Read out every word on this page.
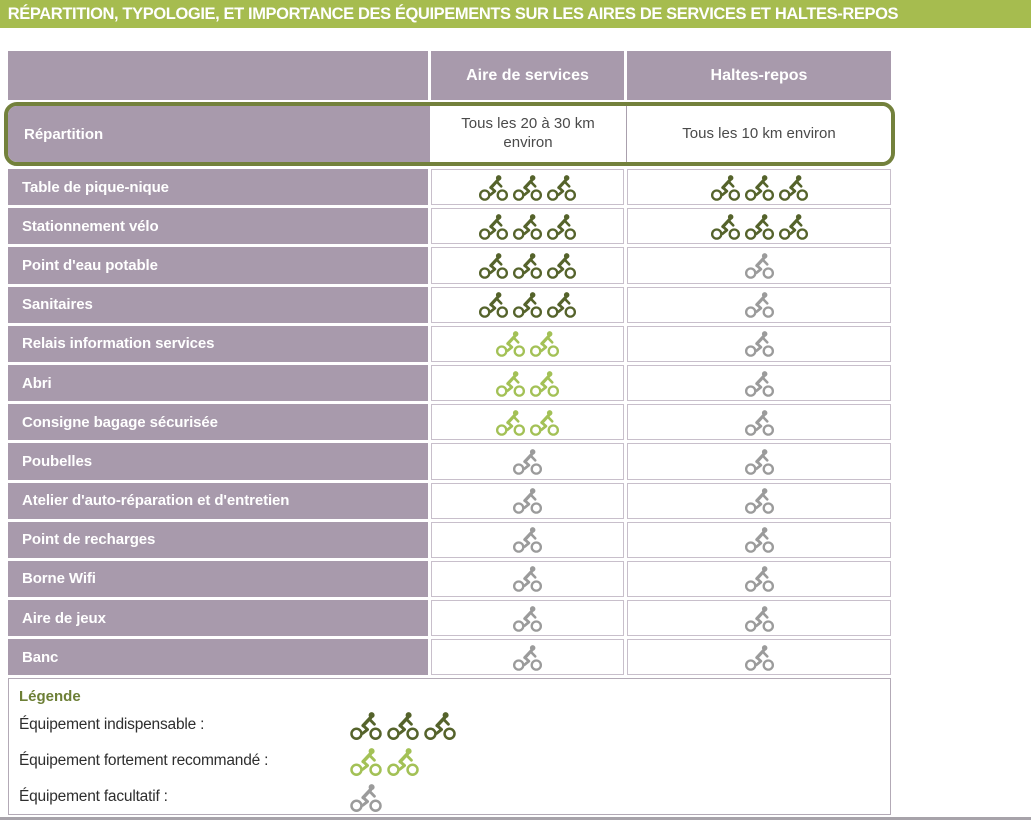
RÉPARTITION, TYPOLOGIE, ET IMPORTANCE DES ÉQUIPEMENTS SUR LES AIRES DE SERVICES ET HALTES-REPOS
Aire de services	Haltes-repos
Répartition
Tous les 20 à 30 km environ
Tous les 10 km environ
Table de pique-nique
Stationnement vélo
Point d'eau potable
Sanitaires
Relais information services
Abri
Consigne bagage sécurisée
Poubelles
Atelier d'auto-réparation et d'entretien
Point de recharges
Borne Wifi
Aire de jeux
Banc
Légende
Équipement indispensable :
Équipement fortement recommandé :
Équipement facultatif :
